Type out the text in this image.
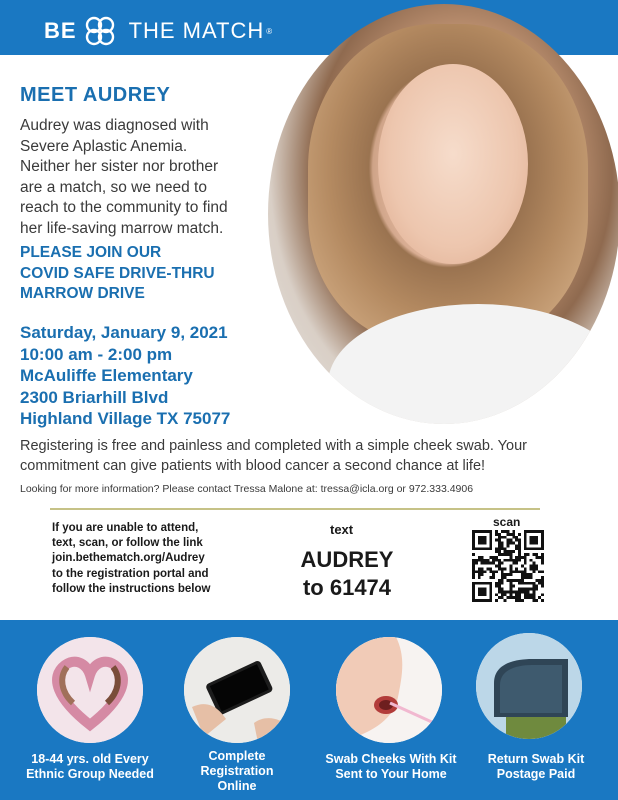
BE THE MATCH ®
MEET AUDREY
Audrey was diagnosed with
Severe Aplastic Anemia.
Neither her sister nor brother
are a match, so we need to
reach to the community to find
her life-saving marrow match.
PLEASE JOIN OUR
COVID SAFE DRIVE-THRU
MARROW DRIVE
Saturday, January 9, 2021
10:00 am - 2:00 pm
McAuliffe Elementary
2300 Briarhill Blvd
Highland Village TX 75077
Registering is free and painless and completed with a simple cheek swab. Your
commitment can give patients with blood cancer a second chance at life!
Looking for more information? Please contact Tressa Malone at: tressa@icla.org or 972.333.4906
If you are unable to attend,
text, scan, or follow the link
join.bethematch.org/Audrey
to the registration portal and
follow the instructions below
text
AUDREY
to 61474
scan
18-44 yrs. old Every
Ethnic Group Needed
Complete
Registration
Online
Swab Cheeks With Kit
Sent to Your Home
Return Swab Kit
Postage Paid
